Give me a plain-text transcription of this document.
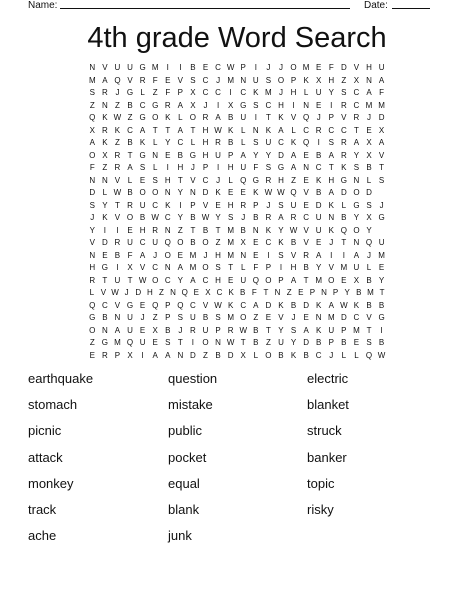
Name:	Date:
4th grade Word Search
N V U U G M	I	I	B E C W P	I	J	J O M E F D V H U
M A Q V R F E V S C J M N U S O P K X H Z X N A
S R J G L Z F P X C C	I	C K M J H L U Y S C A F
Z N Z B C G R A X J	I	X G S C H	I	N E	I	R C M M
Q K W Z G O K L O R A B U	I	T K V Q J P V R J D
X R K C A T T A T H W K L N K A L C R C C T E X
A K Z B K L Y C L H R B L S U C K Q	I	S R A X A
O X R T G N E B G H U P A Y Y D A E B A R Y X V
F Z R A S L	I	H J P	I	H U F S G A N C T K S B T
N N V L E S H T V C J	L Q G R H Z E K H G N L S
D L W B O O N Y N D K E E K W W Q V B A D O D
S Y T R U C K	I	P V E H R P J S U E D K L G S J
J K V O B W C Y B W Y S J B R A R C U N B Y X G
Y	I	I	E H R N Z T B T M B N K Y W V U K Q O Y
V D R U C U Q O B O Z M X E C K B V E J	T N Q U
N E B F A J O E M J H M N E	I	S V R A	I	I	A J M
H G	I	X V C N A M O S T L F P	I	H B Y V M U L E
R T U T W O C Y A C H E U Q O P A T M O E X B Y
L V W J D H Z N Q E X C K B F T N Z E P N P Y B M T
Q C V G E Q P Q C V W K C A D K B D K A W K B B
G B N U J	Z P S U B S M O Z E V J E N M D C V G
O N A U E X B J R U P R W B T Y S A K U P M T	I
Z G M Q U E S T	I	O N W T B Z U Y D B P B E S B
E R P X	I	A A N D Z B D X L O B K B C J	L	L Q W
earthquake	question	electric
stomach	mistake	blanket
picnic	public	struck
attack	pocket	banker
monkey	equal	topic
track	blank	risky
ache	junk
